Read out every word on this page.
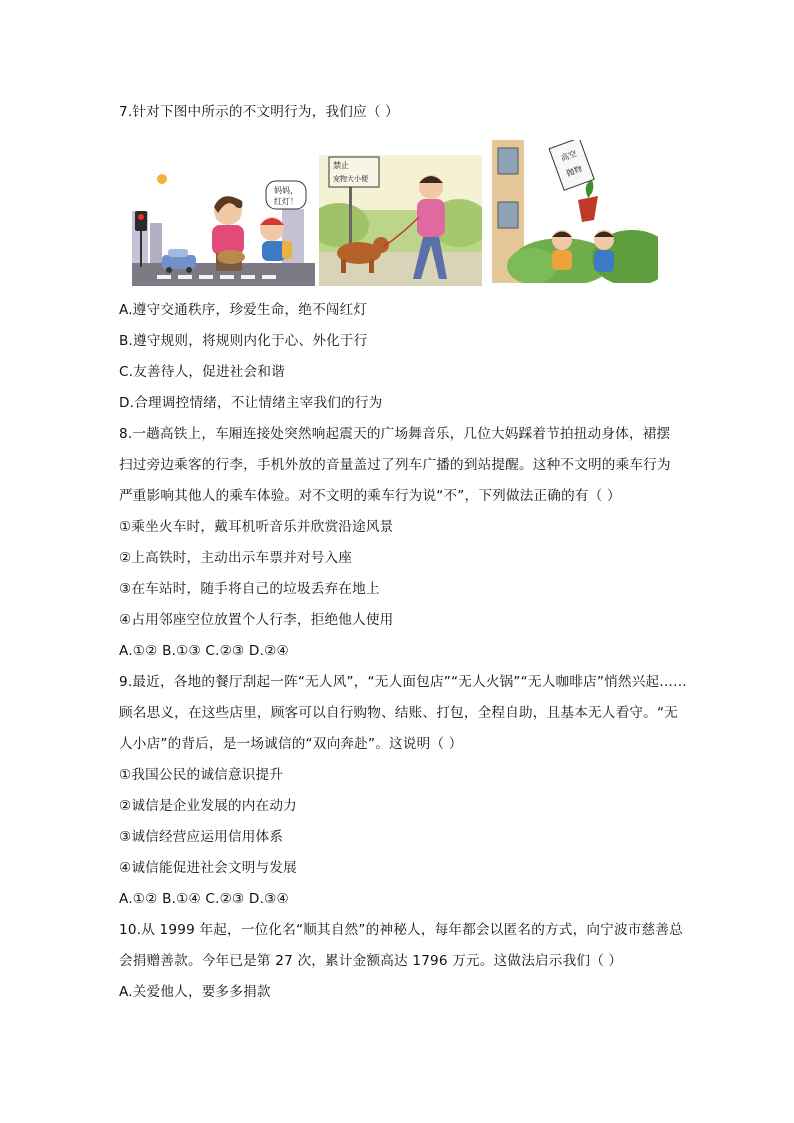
7.针对下图中所示的不文明行为，我们应（ ）
妈妈，
红灯！
禁止
宠物大小便
高空
抛物
A.遵守交通秩序，珍爱生命，绝不闯红灯
B.遵守规则，将规则内化于心、外化于行
C.友善待人，促进社会和谐
D.合理调控情绪，不让情绪主宰我们的行为
8.一趟高铁上，车厢连接处突然响起震天的广场舞音乐，几位大妈踩着节拍扭动身体，裙摆
扫过旁边乘客的行李，手机外放的音量盖过了列车广播的到站提醒。这种不文明的乘车行为
严重影响其他人的乘车体验。对不文明的乘车行为说“不”，下列做法正确的有（ ）
①乘坐火车时，戴耳机听音乐并欣赏沿途风景
②上高铁时，主动出示车票并对号入座
③在车站时，随手将自己的垃圾丢弃在地上
④占用邻座空位放置个人行李，拒绝他人使用
A.①② B.①③ C.②③ D.②④
9.最近，各地的餐厅刮起一阵“无人风”，“无人面包店”“无人火锅”“无人咖啡店”悄然兴起……
顾名思义，在这些店里，顾客可以自行购物、结账、打包，全程自助，且基本无人看守。“无
人小店”的背后，是一场诚信的“双向奔赴”。这说明（ ）
①我国公民的诚信意识提升
②诚信是企业发展的内在动力
③诚信经营应运用信用体系
④诚信能促进社会文明与发展
A.①② B.①④ C.②③ D.③④
10.从 1999 年起，一位化名“顺其自然”的神秘人，每年都会以匿名的方式，向宁波市慈善总
会捐赠善款。今年已是第 27 次，累计金额高达 1796 万元。这做法启示我们（ ）
A.关爱他人，要多多捐款
